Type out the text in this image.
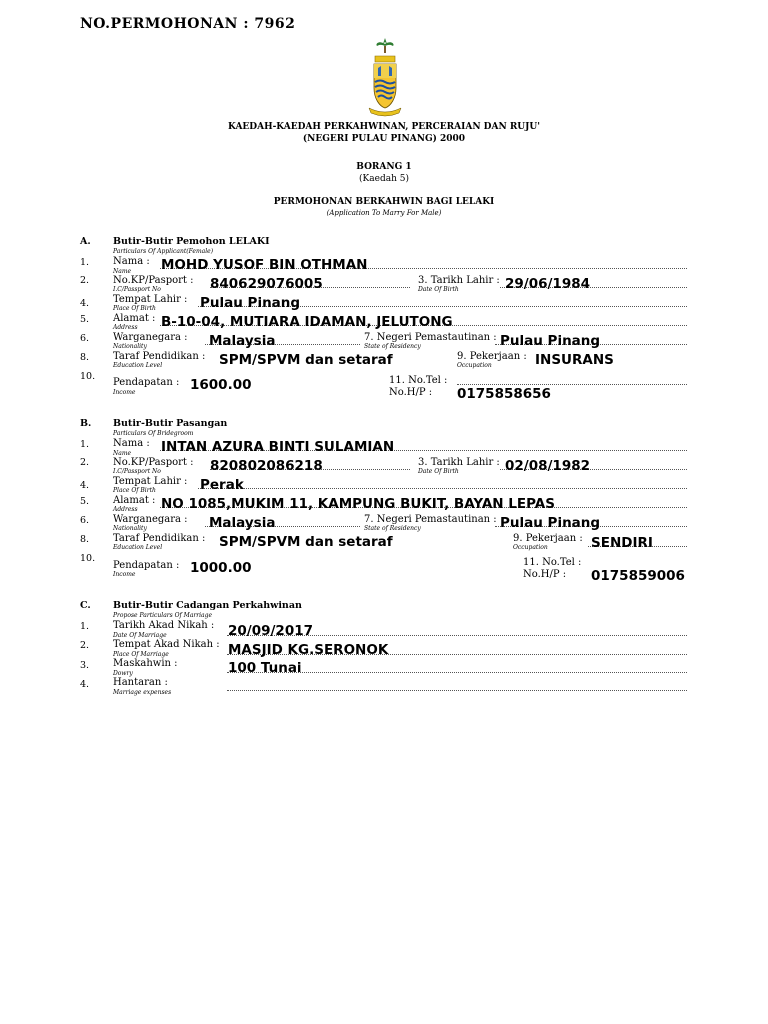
NO.PERMOHONAN : 7962
KAEDAH-KAEDAH PERKAHWINAN, PERCERAIAN DAN RUJU'
(NEGERI PULAU PINANG) 2000
BORANG 1
(Kaedah 5)
PERMOHONAN BERKAHWIN BAGI LELAKI
(Application To Marry For Male)
A. Butir-Butir Pemohon LELAKI
Particulars Of Applicant(Female)
1. Nama :
Name MOHD YUSOF BIN OTHMAN
2. No.KP/Pasport :
I.C/Passport No	840629076005	3. Tarikh Lahir :
Date Of Birth	29/06/1984
4. Tempat Lahir :
Place Of Birth	Pulau Pinang
5. Alamat :
Address B-10-04, MUTIARA IDAMAN, JELUTONG
6. Warganegara :
Nationality	Malaysia	7. Negeri Pemastautinan :
State of Residency	Pulau Pinang
8. Taraf Pendidikan :
Education Level	SPM/SPVM dan setaraf	9. Pekerjaan :
Occupation	INSURANS
10.
Pendapatan :
Income	1600.00	11. No.Tel :
No.H/P : 0175858656
B. Butir-Butir Pasangan
Particulars Of Bridegroom
1. Nama :
Name INTAN AZURA BINTI SULAMIAN
2. No.KP/Pasport :
I.C/Passport No	820802086218	3. Tarikh Lahir :
Date Of Birth	02/08/1982
4. Tempat Lahir :
Place Of Birth	Perak
5. Alamat :
Address NO 1085,MUKIM 11, KAMPUNG BUKIT, BAYAN LEPAS
6. Warganegara :
Nationality	Malaysia	7. Negeri Pemastautinan :
State of Residency	Pulau Pinang
8. Taraf Pendidikan :
Education Level	SPM/SPVM dan setaraf	9. Pekerjaan :
Occupation	SENDIRI
10.
Pendapatan :
Income	1000.00	11. No.Tel :
No.H/P : 0175859006
C. Butir-Butir Cadangan Perkahwinan
Propose Particulars Of Marriage
1. Tarikh Akad Nikah :
Date Of Marriage	20/09/2017
2. Tempat Akad Nikah :
Place Of Marriage	MASJID KG.SERONOK
3. Maskahwin :
Dowry	100 Tunai
4. Hantaran :
Marriage expenses
